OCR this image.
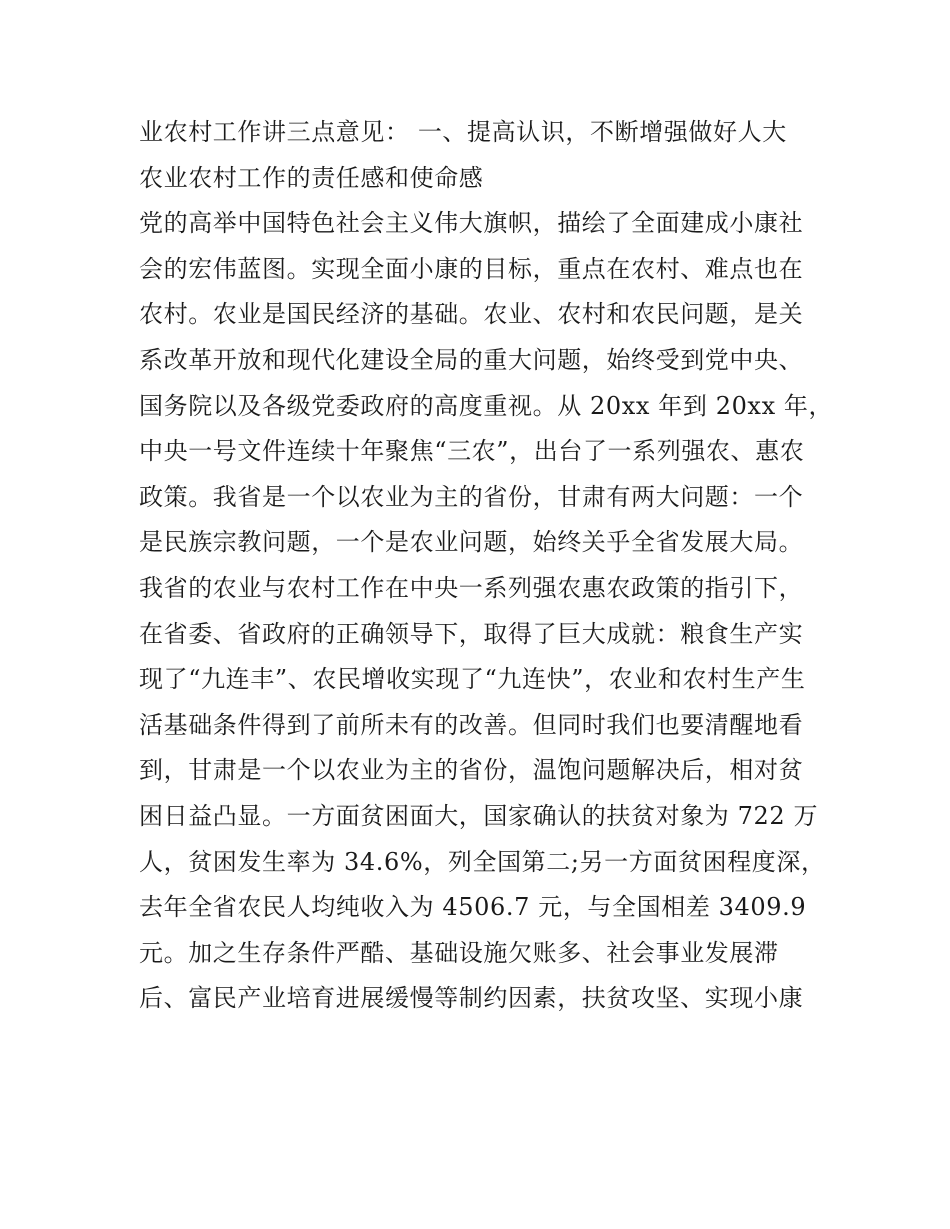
业农村工作讲三点意见： 一、提高认识，不断增强做好人大
农业农村工作的责任感和使命感
党的高举中国特色社会主义伟大旗帜，描绘了全面建成小康社
会的宏伟蓝图。实现全面小康的目标，重点在农村、难点也在
农村。农业是国民经济的基础。农业、农村和农民问题，是关
系改革开放和现代化建设全局的重大问题，始终受到党中央、
国务院以及各级党委政府的高度重视。从 20xx 年到 20xx 年，
中央一号文件连续十年聚焦“三农”，出台了一系列强农、惠农
政策。我省是一个以农业为主的省份，甘肃有两大问题：一个
是民族宗教问题，一个是农业问题，始终关乎全省发展大局。
我省的农业与农村工作在中央一系列强农惠农政策的指引下，
在省委、省政府的正确领导下，取得了巨大成就：粮食生产实
现了“九连丰”、农民增收实现了“九连快”，农业和农村生产生
活基础条件得到了前所未有的改善。但同时我们也要清醒地看
到，甘肃是一个以农业为主的省份，温饱问题解决后，相对贫
困日益凸显。一方面贫困面大，国家确认的扶贫对象为 722 万
人，贫困发生率为 34.6%，列全国第二;另一方面贫困程度深，
去年全省农民人均纯收入为 4506.7 元，与全国相差 3409.9
元。加之生存条件严酷、基础设施欠账多、社会事业发展滞
后、富民产业培育进展缓慢等制约因素，扶贫攻坚、实现小康
